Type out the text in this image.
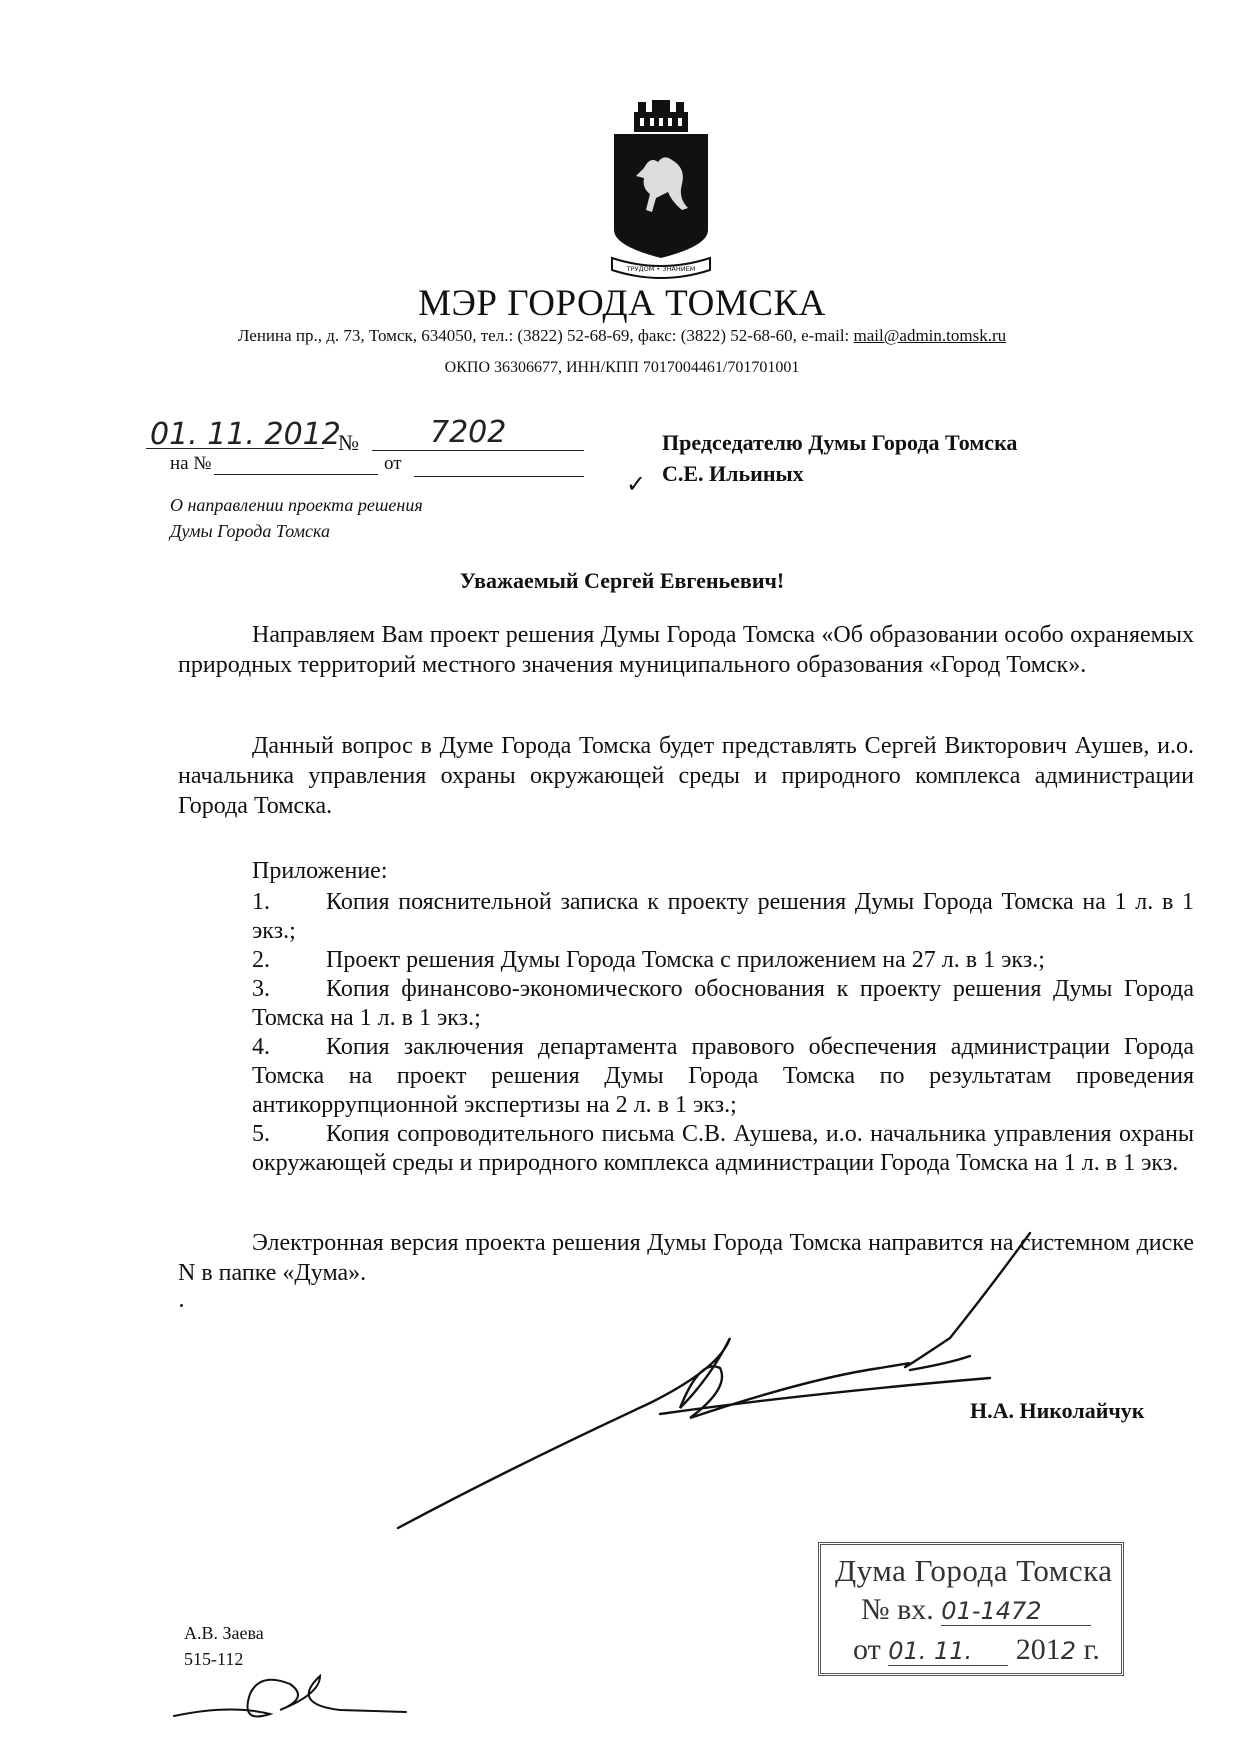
ТРУДОМ • ЗНАНИЕМ
МЭР ГОРОДА ТОМСКА
Ленина пр., д. 73, Томск, 634050, тел.: (3822) 52-68-69, факс: (3822) 52-68-60, e-mail: mail@admin.tomsk.ru
ОКПО 36306677, ИНН/КПП 7017004461/701701001
01. 11. 2012
№ 7202
на №	от
О направлении проекта решения
Думы Города Томска
Председателю Думы Города Томска
С.Е. Ильиных
✓
Уважаемый Сергей Евгеньевич!
Направляем Вам проект решения Думы Города Томска «Об образовании особо охраняемых природных территорий местного значения муниципального образования «Город Томск».
Данный вопрос в Думе Города Томска будет представлять Сергей Викторович Аушев, и.о. начальника управления охраны окружающей среды и природного комплекса администрации Города Томска.
Приложение:
1. Копия пояснительной записка к проекту решения Думы Города Томска на 1 л. в 1 экз.;
2. Проект решения Думы Города Томска с приложением на 27 л. в 1 экз.;
3. Копия финансово-экономического обоснования к проекту решения Думы Города Томска на 1 л. в 1 экз.;
4. Копия заключения департамента правового обеспечения администрации Города Томска на проект решения Думы Города Томска по результатам проведения антикоррупционной экспертизы на 2 л. в 1 экз.;
5. Копия сопроводительного письма С.В. Аушева, и.о. начальника управления охраны окружающей среды и природного комплекса администрации Города Томска на 1 л. в 1 экз.
Электронная версия проекта решения Думы Города Томска направится на системном диске N в папке «Дума».
Н.А. Николайчук
А.В. Заева
515-112
Дума Города Томска
№ вх. 01-1472
от 01. 11. 2012 г.
